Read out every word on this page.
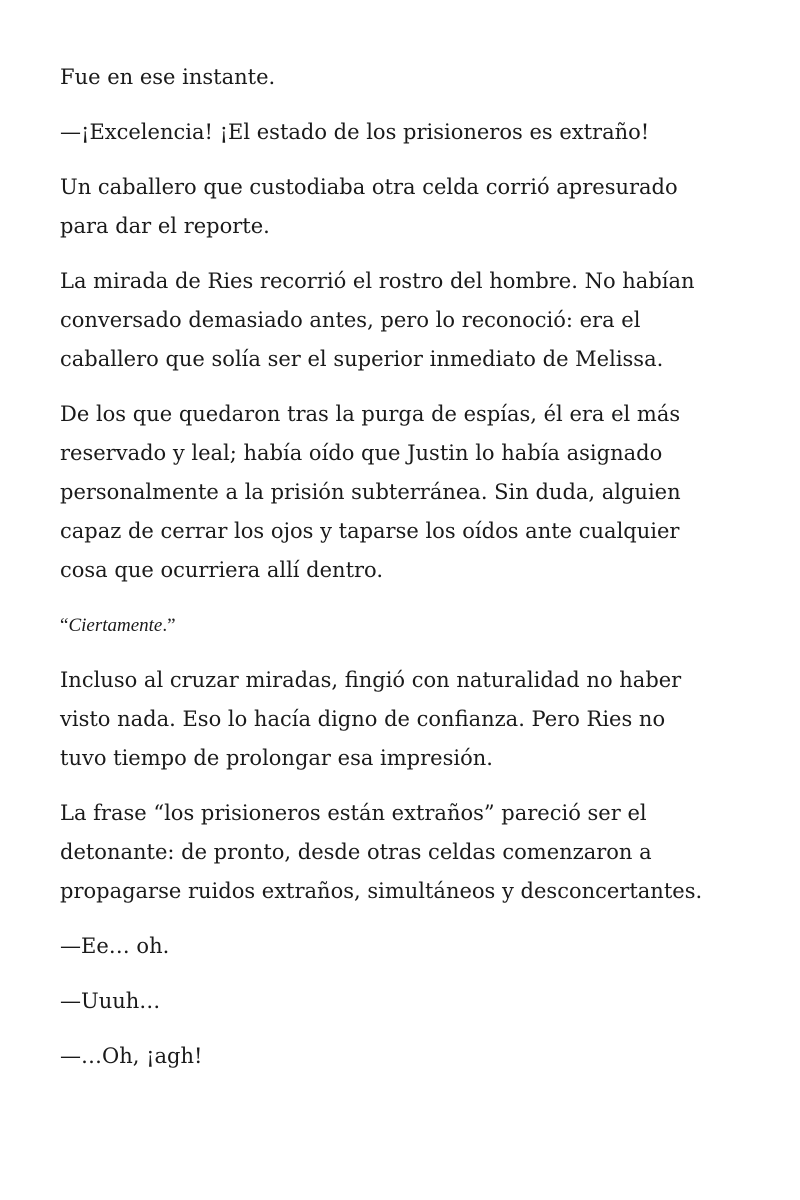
Fue en ese instante.

—¡Excelencia! ¡El estado de los prisioneros es extraño!

Un caballero que custodiaba otra celda corrió apresurado
para dar el reporte.

La mirada de Ries recorrió el rostro del hombre. No habían
conversado demasiado antes, pero lo reconoció: era el
caballero que solía ser el superior inmediato de Melissa.

De los que quedaron tras la purga de espías, él era el más
reservado y leal; había oído que Justin lo había asignado
personalmente a la prisión subterránea. Sin duda, alguien
capaz de cerrar los ojos y taparse los oídos ante cualquier
cosa que ocurriera allí dentro.

“Ciertamente.”

Incluso al cruzar miradas, fingió con naturalidad no haber
visto nada. Eso lo hacía digno de confianza. Pero Ries no
tuvo tiempo de prolongar esa impresión.

La frase “los prisioneros están extraños” pareció ser el
detonante: de pronto, desde otras celdas comenzaron a
propagarse ruidos extraños, simultáneos y desconcertantes.

—Ee… oh.

—Uuuh…

—…Oh, ¡agh!
